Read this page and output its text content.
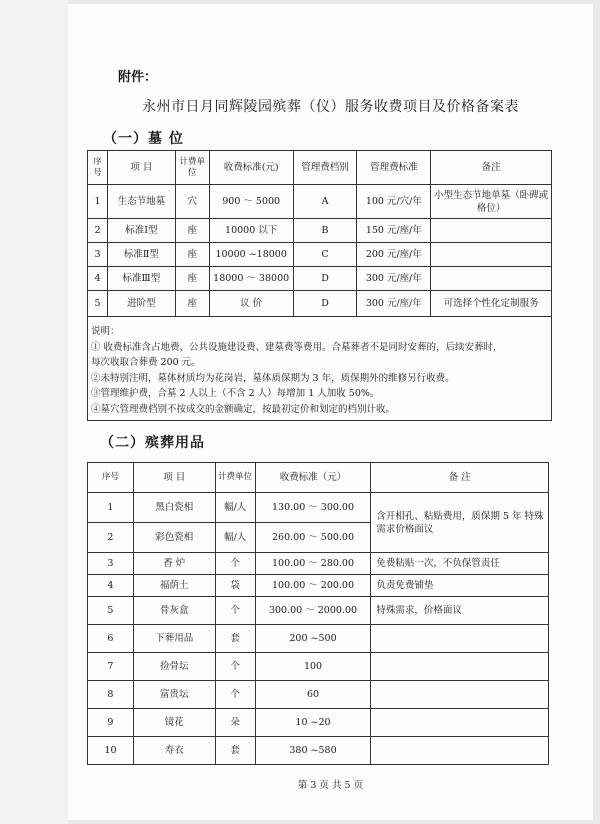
附件：
永州市日月同辉陵园殡葬（仪）服务收费项目及价格备案表
（一）墓 位
序号	项 目	计费单位	收费标准(元)	管理费档别	管理费标准	备注
1	生态节地墓	穴	900 ～ 5000	A	100 元/穴/年	小型生态节地单墓（卧碑或格位）
2	标准Ⅰ型	座	10000 以下	B	150 元/座/年	
3	标准Ⅱ型	座	10000 ~18000	C	200 元/座/年	
4	标准Ⅲ型	座	18000 ～ 38000	D	300 元/座/年	
5	进阶型	座	议 价	D	300 元/座/年	可选择个性化定制服务

说明：
① 收费标准含占地费、公共设施建设费、建墓费等费用。合墓葬者不是同时安葬的，后续安葬时，
每次收取合葬费 200 元。
②未特别注明，墓体材质均为花岗岩，墓体质保期为 3 年，质保期外的维修另行收费。
③管理维护费，合墓 2 人以上（不含 2 人）每增加 1 人加收 50%。
④墓穴管理费档别不按成交的金额确定，按最初定价和划定的档别计收。
（二）殡葬用品
序号	项 目	计费单位	收费标准（元）	备 注
1	黑白瓷相	幅/人	130.00 ～ 300.00	含开相孔、粘贴费用，质保期 5 年 特殊需求价格面议
2	彩色瓷相	幅/人	260.00 ～ 500.00	
3	香 炉	个	100.00 ～ 280.00	免费粘贴一次，不负保管责任
4	福荫土	袋	100.00 ～ 200.00	负责免费铺垫
5	骨灰盒	个	300.00 ～ 2000.00	特殊需求，价格面议
6	下葬用品	套	200 ~500	
7	捡骨坛	个	100	
8	富贵坛	个	60	
9	镜花	朵	10 ~20	
10	寿衣	套	380 ~580	
第 3 页 共 5 页
